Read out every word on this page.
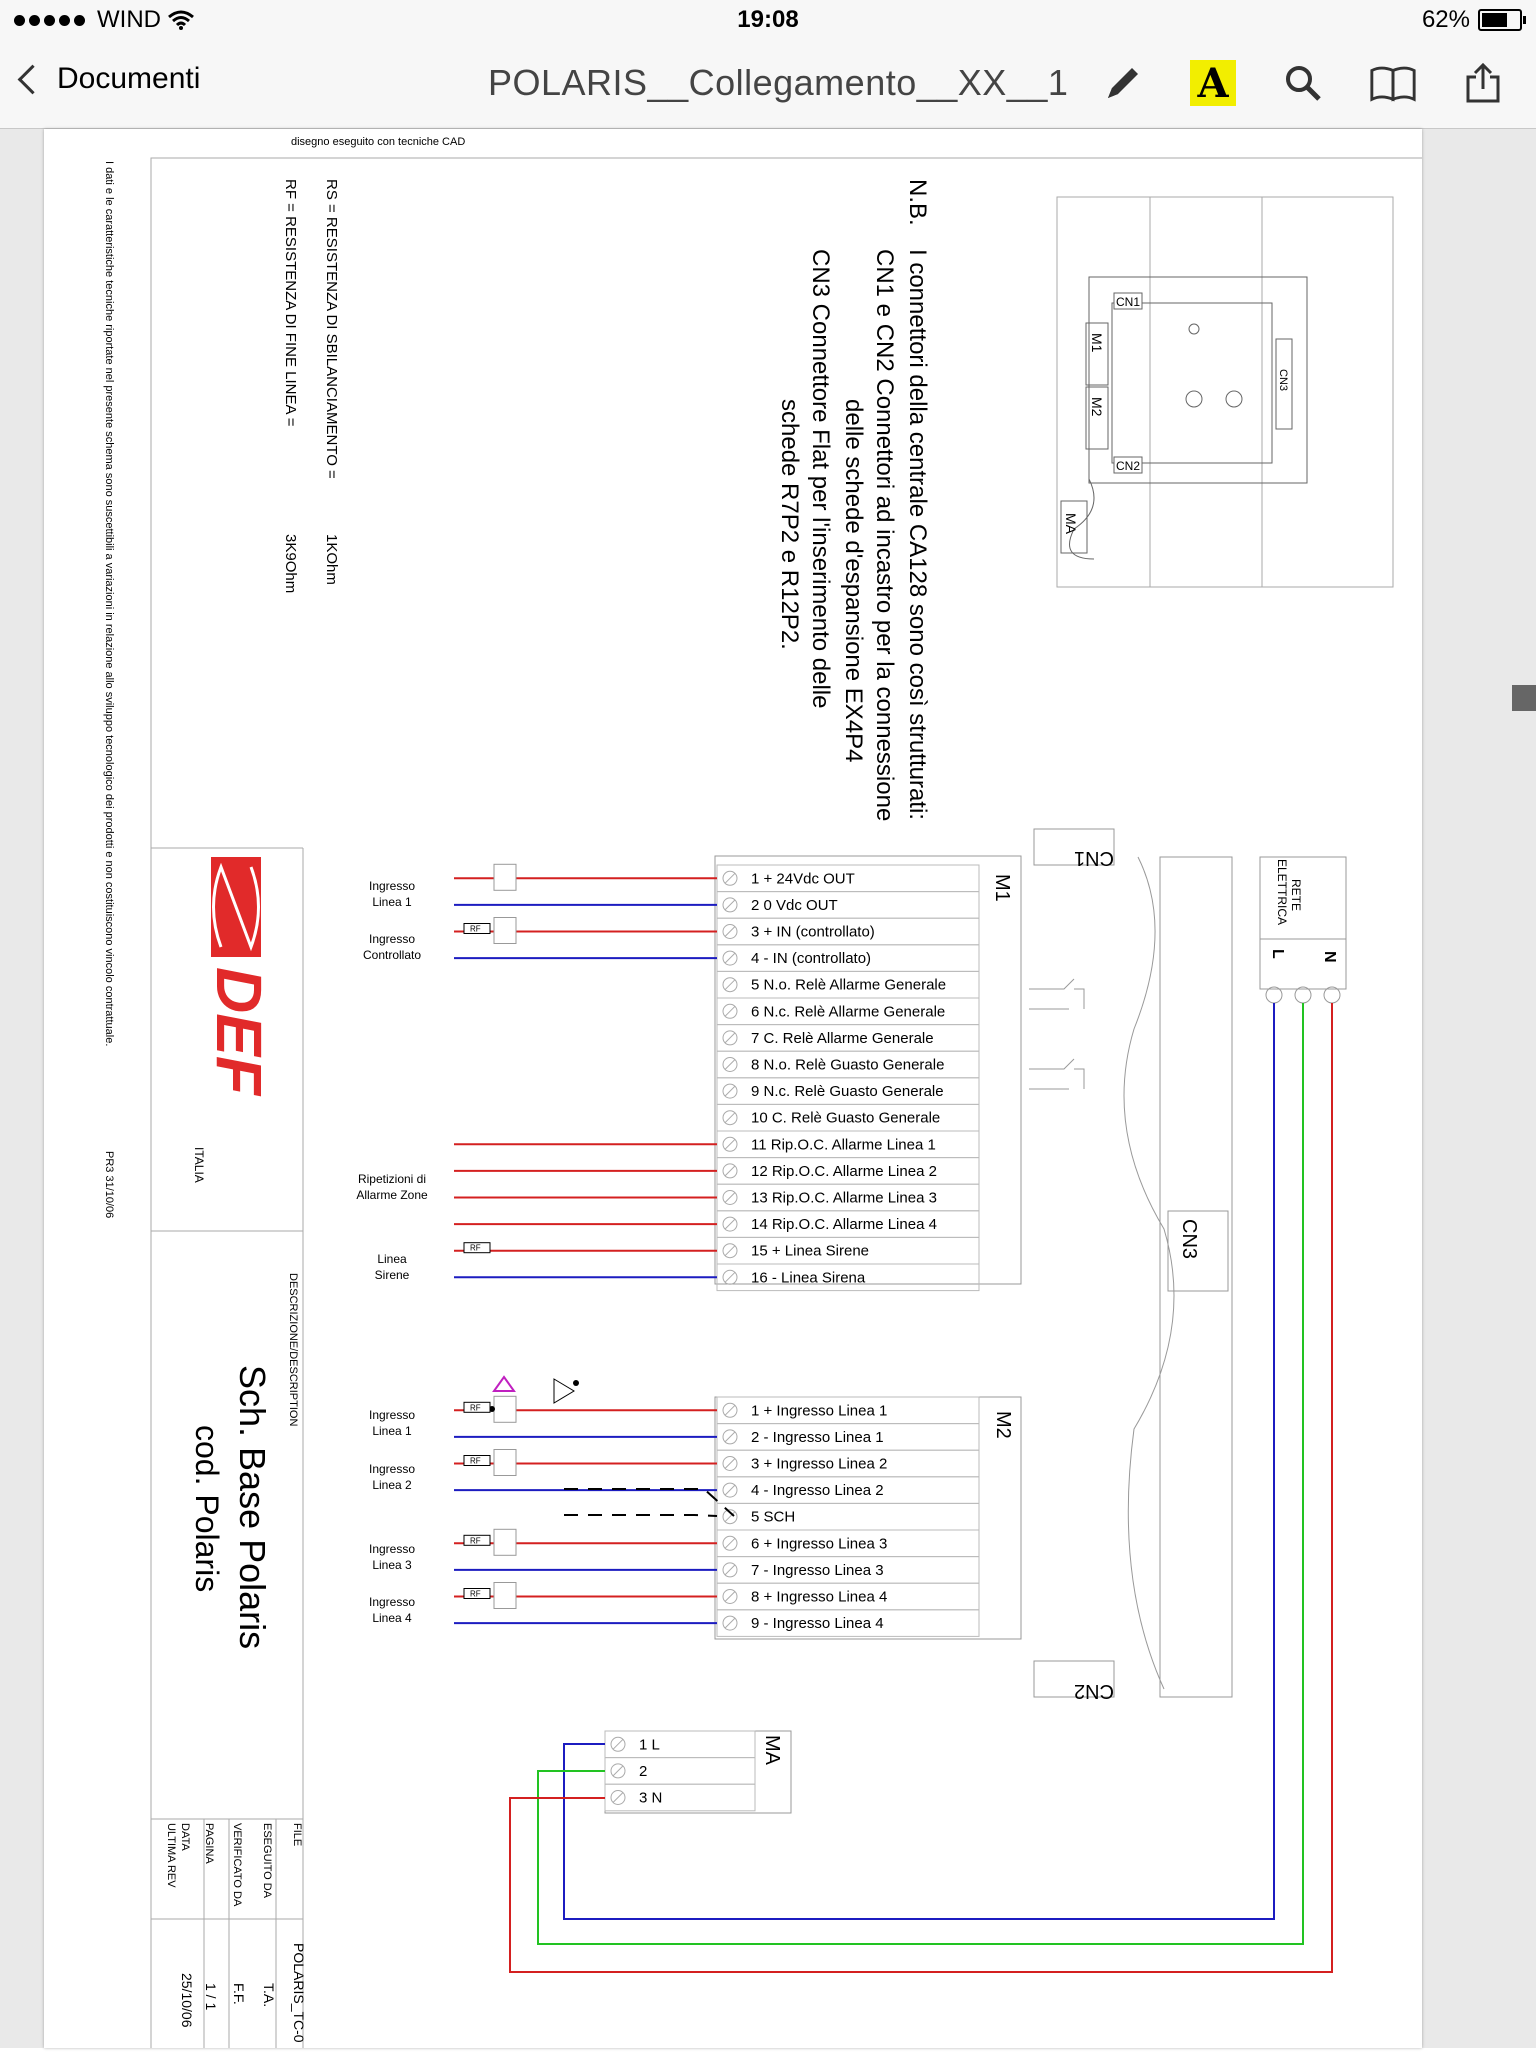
WIND	19:08	62%
Documenti	POLARIS__Collegamento__XX__1	A
disegno eseguito con tecniche CAD
I dati e le caratteristiche tecniche riportate nel presente schema sono suscettibili a variazioni in relazione allo sviluppo tecnologico dei prodotti e non costituiscono vincolo contrattuale.
PR3 31/10/06
RF = RESISTENZA DI FINE LINEA =
3K9Ohm
RS = RESISTENZA DI SBILANCIAMENTO =
1KOhm
N.B.
I connettori della centrale CA128 sono così strutturati:
CN1 e CN2 Connettori ad incastro per la connessione
delle schede d'espansione EX4P4
CN3 Connettore Flat per l'inserimento delle
schede R7P2 e R12P2.
DEF
ITALIA
DESCRIZIONE/DESCRIPTION
Sch. Base Polaris
cod. Polaris
FILE
POLARIS_TC-0
ESEGUITO DA
T.A.
VERIFICATO DA
F.F.
PAGINA
1 / 1
DATA
25/10/06
ULTIMA REV
CN1
CN2
M1
M2
CN3
MA
CN1
CN2
CN3
RETE
ELETTRICA
L N
M1
1 + 24Vdc OUT
2 0 Vdc OUT
3 + IN (controllato)
4 - IN (controllato)
5 N.o. Relè Allarme Generale
6 N.c. Relè Allarme Generale
7 C. Relè Allarme Generale
8 N.o. Relè Guasto Generale
9 N.c. Relè Guasto Generale
10 C. Relè Guasto Generale
11 Rip.O.C. Allarme Linea 1
12 Rip.O.C. Allarme Linea 2
13 Rip.O.C. Allarme Linea 3
14 Rip.O.C. Allarme Linea 4
15 + Linea Sirene
16 - Linea Sirena
M2
1 + Ingresso Linea 1
2 - Ingresso Linea 1
3 + Ingresso Linea 2
4 - Ingresso Linea 2
5 SCH
6 + Ingresso Linea 3
7 - Ingresso Linea 3
8 + Ingresso Linea 4
9 - Ingresso Linea 4
MA
1 L
2
3 N
Ingresso
Linea 1
Ingresso
Controllato
Ripetizioni di
Allarme Zone
Linea
Sirene
Ingresso
Linea 1
Ingresso
Linea 2
Ingresso
Linea 3
Ingresso
Linea 4
RF
RF
RF
RF
RF
RF
